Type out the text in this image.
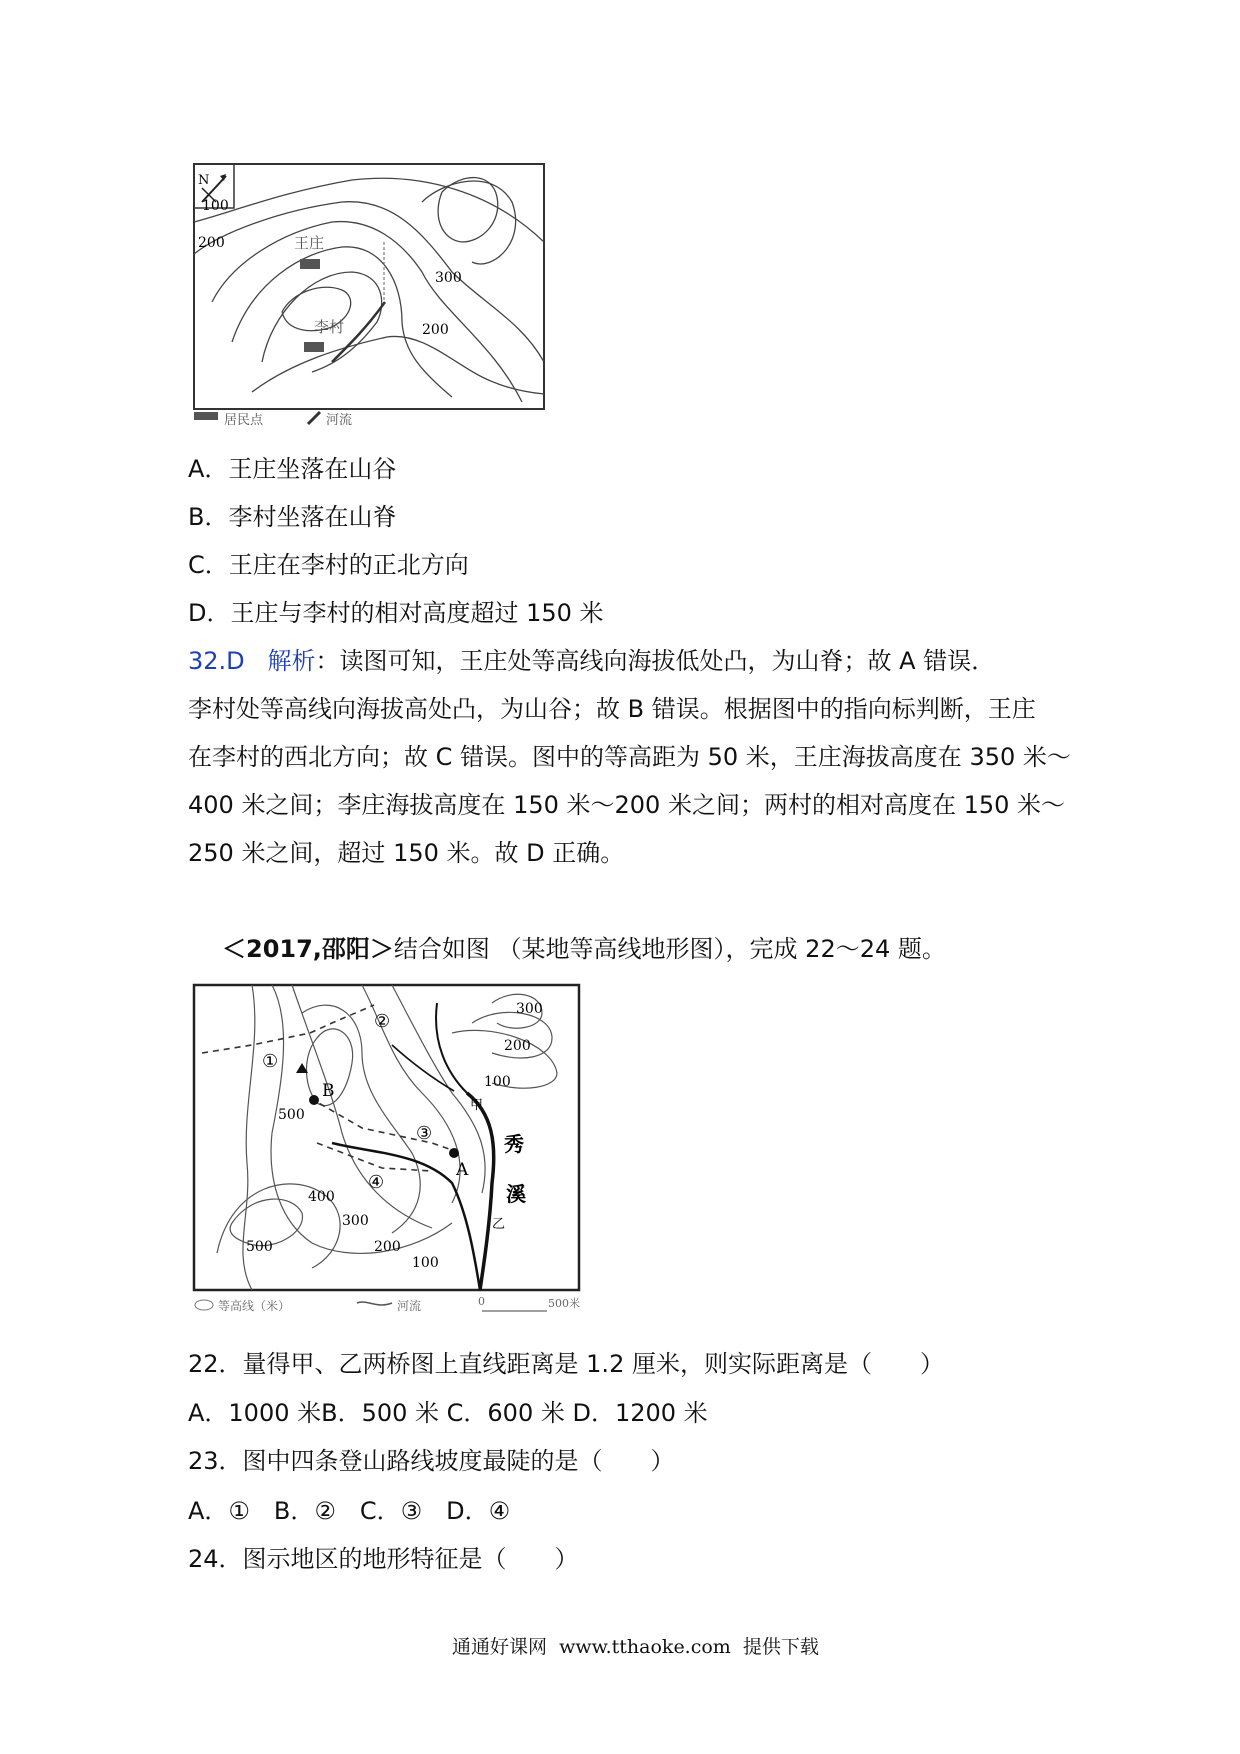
N
100
200
300
200
王庄
李村
居民点	河流
A．王庄坐落在山谷
B．李村坐落在山脊
C．王庄在李村的正北方向
D．王庄与李村的相对高度超过 150 米
32.D 解析：读图可知，王庄处等高线向海拔低处凸，为山脊；故 A 错误．
李村处等高线向海拔高处凸，为山谷；故 B 错误。根据图中的指向标判断，王庄
在李村的西北方向；故 C 错误。图中的等高距为 50 米，王庄海拔高度在 350 米～
400 米之间；李庄海拔高度在 150 米～200 米之间；两村的相对高度在 150 米～
250 米之间，超过 150 米。故 D 正确。
＜2017,邵阳＞结合如图 （某地等高线地形图），完成 22～24 题。
300
200
100
500
400
300
200
100
500
①
②
③
④
B
A
甲
乙
秀
溪
等高线（米）	河流	0	500米
22．量得甲、乙两桥图上直线距离是 1.2 厘米，则实际距离是（　　）
A．1000 米B．500 米 C．600 米 D．1200 米
23．图中四条登山路线坡度最陡的是（　　）
A．①　B．②　C．③　D．④
24．图示地区的地形特征是（　　）
通通好课网  www.tthaoke.com  提供下载
